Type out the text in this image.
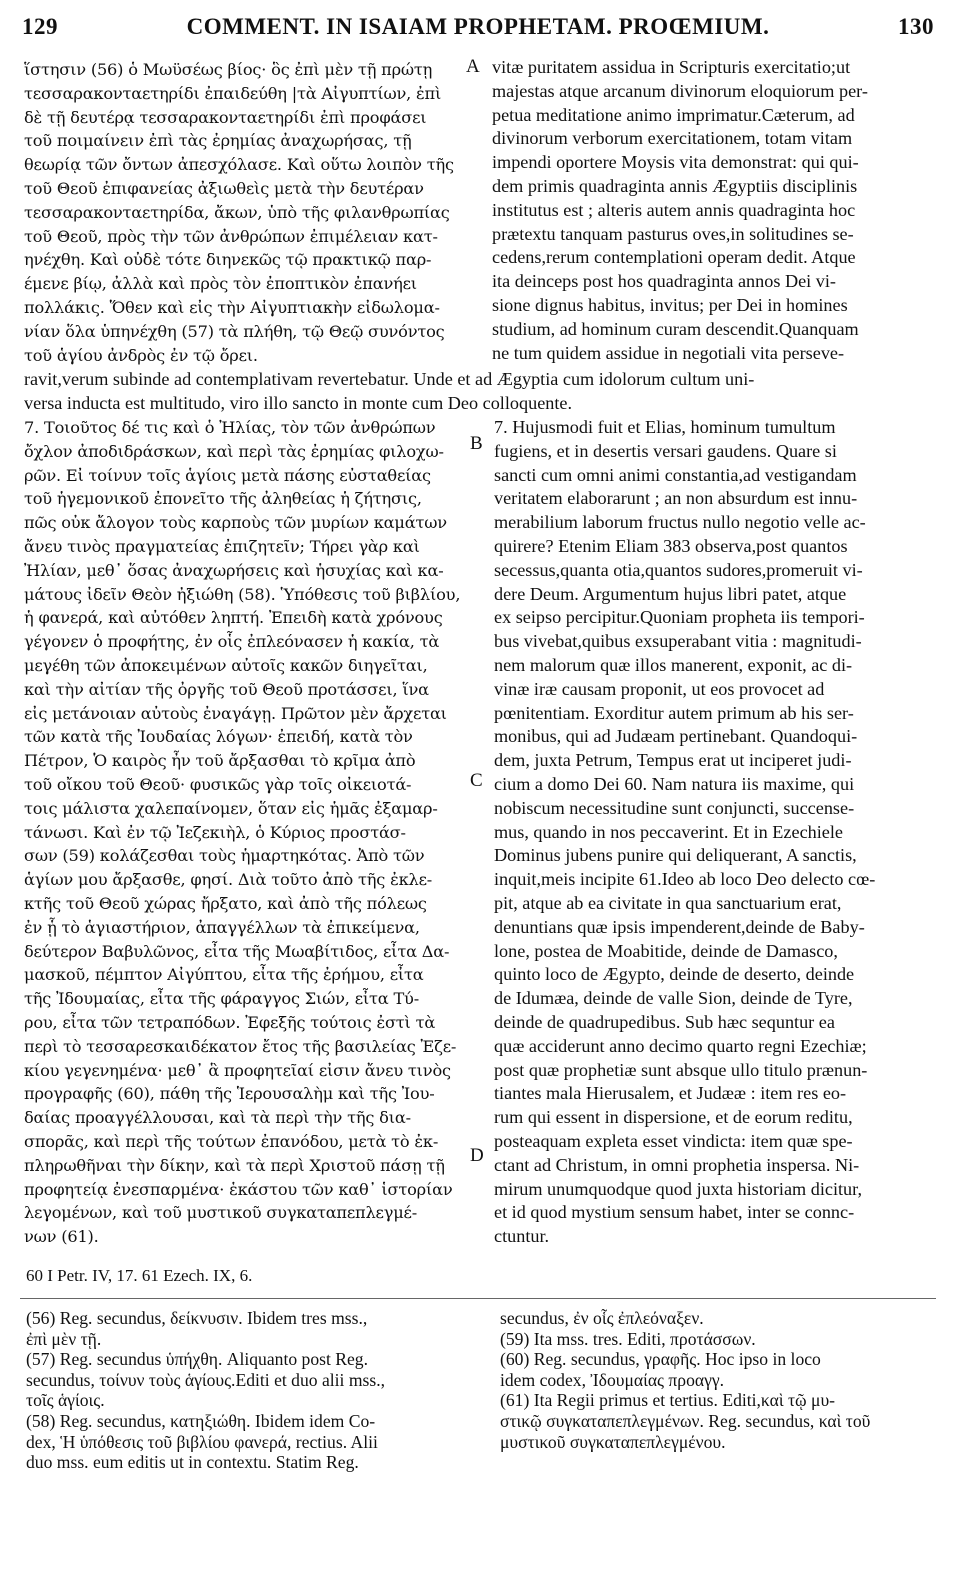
129	COMMENT. IN ISAIAM PROPHETAM. PROŒMIUM.	130
ἵστησιν (56) ὁ Μωϋσέως βίος· ὃς ἐπὶ μὲν τῇ πρώτῃ
τεσσαρακονταετηρίδι ἐπαιδεύθη |τὰ Αἰγυπτίων, ἐπὶ
δὲ τῇ δευτέρᾳ τεσσαρακονταετηρίδι ἐπὶ προφάσει
τοῦ ποιμαίνειν ἐπὶ τὰς ἐρημίας ἀναχωρήσας, τῇ
θεωρίᾳ τῶν ὄντων ἀπεσχόλασε. Καὶ οὕτω λοιπὸν τῆς
τοῦ Θεοῦ ἐπιφανείας ἀξιωθεὶς μετὰ τὴν δευτέραν
τεσσαρακονταετηρίδα, ἄκων, ὑπὸ τῆς φιλανθρωπίας
τοῦ Θεοῦ, πρὸς τὴν τῶν ἀνθρώπων ἐπιμέλειαν κατ-
ηνέχθη. Καὶ οὐδὲ τότε διηνεκῶς τῷ πρακτικῷ παρ-
έμενε βίῳ, ἀλλὰ καὶ πρὸς τὸν ἐποπτικὸν ἐπανήει
πολλάκις. Ὅθεν καὶ εἰς τὴν Αἰγυπτιακὴν εἰδωλομα-
νίαν ὅλα ὑπηνέχθη (57) τὰ πλήθη, τῷ Θεῷ συνόντος
τοῦ ἁγίου ἀνδρὸς ἐν τῷ ὄρει.
vitæ puritatem assidua in Scripturis exercitatio;ut
majestas atque arcanum divinorum eloquiorum per-
petua meditatione animo imprimatur.Cæterum, ad
divinorum verborum exercitationem, totam vitam
impendi oportere Moysis vita demonstrat: qui qui-
dem primis quadraginta annis Ægyptiis disciplinis
institutus est ; alteris autem annis quadraginta hoc
prætextu tanquam pasturus oves,in solitudines se-
cedens,rerum contemplationi operam dedit. Atque
ita deinceps post hos quadraginta annos Dei vi-
sione dignus habitus, invitus; per Dei in homines
studium, ad hominum curam descendit.Quanquam
ne tum quidem assidue in negotiali vita perseve-
A
B
C
D
ravit,verum subinde ad contemplativam revertebatur. Unde et ad Ægyptia cum idolorum cultum uni-
versa inducta est multitudo, viro illo sancto in monte cum Deo colloquente.
7. Τοιοῦτος δέ τις καὶ ὁ Ἠλίας, τὸν τῶν ἀνθρώπων
ὄχλον ἀποδιδράσκων, καὶ περὶ τὰς ἐρημίας φιλοχω-
ρῶν. Εἰ τοίνυν τοῖς ἁγίοις μετὰ πάσης εὐσταθείας
τοῦ ἡγεμονικοῦ ἐπονεῖτο τῆς ἀληθείας ἡ ζήτησις,
πῶς οὐκ ἄλογον τοὺς καρποὺς τῶν μυρίων καμάτων
ἄνευ τινὸς πραγματείας ἐπιζητεῖν; Τήρει γὰρ καὶ
Ἠλίαν, μεθ᾽ ὅσας ἀναχωρήσεις καὶ ἡσυχίας καὶ κα-
μάτους ἰδεῖν Θεὸν ἠξιώθη (58). Ὑπόθεσις τοῦ βιβλίου,
ἡ φανερά, καὶ αὐτόθεν ληπτή. Ἐπειδὴ κατὰ χρόνους
γέγονεν ὁ προφήτης, ἐν οἷς ἐπλεόνασεν ἡ κακία, τὰ
μεγέθη τῶν ἀποκειμένων αὐτοῖς κακῶν διηγεῖται,
καὶ τὴν αἰτίαν τῆς ὀργῆς τοῦ Θεοῦ προτάσσει, ἵνα
εἰς μετάνοιαν αὐτοὺς ἐναγάγῃ. Πρῶτον μὲν ἄρχεται
τῶν κατὰ τῆς Ἰουδαίας λόγων· ἐπειδή, κατὰ τὸν
Πέτρον, Ὁ καιρὸς ἦν τοῦ ἄρξασθαι τὸ κρῖμα ἀπὸ
τοῦ οἴκου τοῦ Θεοῦ· φυσικῶς γὰρ τοῖς οἰκειοτά-
τοις μάλιστα χαλεπαίνομεν, ὅταν εἰς ἡμᾶς ἐξαμαρ-
τάνωσι. Καὶ ἐν τῷ Ἰεζεκιὴλ, ὁ Κύριος προστάσ-
σων (59) κολάζεσθαι τοὺς ἡμαρτηκότας. Ἀπὸ τῶν
ἁγίων μου ἄρξασθε, φησί. Διὰ τοῦτο ἀπὸ τῆς ἐκλε-
κτῆς τοῦ Θεοῦ χώρας ἤρξατο, καὶ ἀπὸ τῆς πόλεως
ἐν ᾗ τὸ ἁγιαστήριον, ἀπαγγέλλων τὰ ἐπικείμενα,
δεύτερον Βαβυλῶνος, εἶτα τῆς Μωαβίτιδος, εἶτα Δα-
μασκοῦ, πέμπτον Αἰγύπτου, εἶτα τῆς ἐρήμου, εἶτα
τῆς Ἰδουμαίας, εἶτα τῆς φάραγγος Σιών, εἶτα Τύ-
ρου, εἶτα τῶν τετραπόδων. Ἐφεξῆς τούτοις ἐστὶ τὰ
περὶ τὸ τεσσαρεσκαιδέκατον ἔτος τῆς βασιλείας Ἐζε-
κίου γεγενημένα· μεθ᾽ ἃ προφητεῖαί εἰσιν ἄνευ τινὸς
προγραφῆς (60), πάθη τῆς Ἱερουσαλὴμ καὶ τῆς Ἰου-
δαίας προαγγέλλουσαι, καὶ τὰ περὶ τὴν τῆς δια-
σπορᾶς, καὶ περὶ τῆς τούτων ἐπανόδου, μετὰ τὸ ἐκ-
πληρωθῆναι τὴν δίκην, καὶ τὰ περὶ Χριστοῦ πάσῃ τῇ
προφητείᾳ ἐνεσπαρμένα· ἑκάστου τῶν καθ᾽ ἱστορίαν
λεγομένων, καὶ τοῦ μυστικοῦ συγκαταπεπλεγμέ-
νων (61).
7. Hujusmodi fuit et Elias, hominum tumultum
fugiens, et in desertis versari gaudens. Quare si
sancti cum omni animi constantia,ad vestigandam
veritatem elaborarunt ; an non absurdum est innu-
merabilium laborum fructus nullo negotio velle ac-
quirere? Etenim Eliam 383 observa,post quantos
secessus,quanta otia,quantos sudores,promeruit vi-
dere Deum. Argumentum hujus libri patet, atque
ex seipso percipitur.Quoniam propheta iis tempori-
bus vivebat,quibus exsuperabant vitia : magnitudi-
nem malorum quæ illos manerent, exponit, ac di-
vinæ iræ causam proponit, ut eos provocet ad
pœnitentiam. Exorditur autem primum ab his ser-
monibus, qui ad Judæam pertinebant. Quandoqui-
dem, juxta Petrum, Tempus erat ut inciperet judi-
cium a domo Dei 60. Nam natura iis maxime, qui
nobiscum necessitudine sunt conjuncti, succense-
mus, quando in nos peccaverint. Et in Ezechiele
Dominus jubens punire qui deliquerant, A sanctis,
inquit,meis incipite 61.Ideo ab loco Deo delecto cœ-
pit, atque ab ea civitate in qua sanctuarium erat,
denuntians quæ ipsis impenderent,deinde de Baby-
lone, postea de Moabitide, deinde de Damasco,
quinto loco de Ægypto, deinde de deserto, deinde
de Idumæa, deinde de valle Sion, deinde de Tyre,
deinde de quadrupedibus. Sub hæc sequntur ea
quæ acciderunt anno decimo quarto regni Ezechiæ;
post quæ prophetiæ sunt absque ullo titulo prænun-
tiantes mala Hierusalem, et Judææ : item res eo-
rum qui essent in dispersione, et de eorum reditu,
posteaquam expleta esset vindicta: item quæ spe-
ctant ad Christum, in omni prophetia inspersa. Ni-
mirum unumquodque quod juxta historiam dicitur,
et id quod mystium sensum habet, inter se connc-
ctuntur.
60 I Petr. IV, 17. 61 Ezech. IX, 6.
(56) Reg. secundus, δείκνυσιν. Ibidem tres mss.,
ἐπὶ μὲν τῇ.
(57) Reg. secundus ὑπήχθη. Aliquanto post Reg.
secundus, τοίνυν τοὺς ἁγίους.Editi et duo alii mss.,
τοῖς ἁγίοις.
(58) Reg. secundus, κατηξιώθη. Ibidem idem Co-
dex, Ἡ ὑπόθεσις τοῦ βιβλίου φανερά, rectius. Alii
duo mss. eum editis ut in contextu. Statim Reg.
secundus, ἐν οἷς ἐπλεόναξεν.
(59) Ita mss. tres. Editi, προτάσσων.
(60) Reg. secundus, γραφῆς. Hoc ipso in loco
idem codex, Ἰδουμαίας προαγγ.
(61) Ita Regii primus et tertius. Editi,καὶ τῷ μυ-
στικῷ συγκαταπεπλεγμένων. Reg. secundus, καὶ τοῦ
μυστικοῦ συγκαταπεπλεγμένου.
